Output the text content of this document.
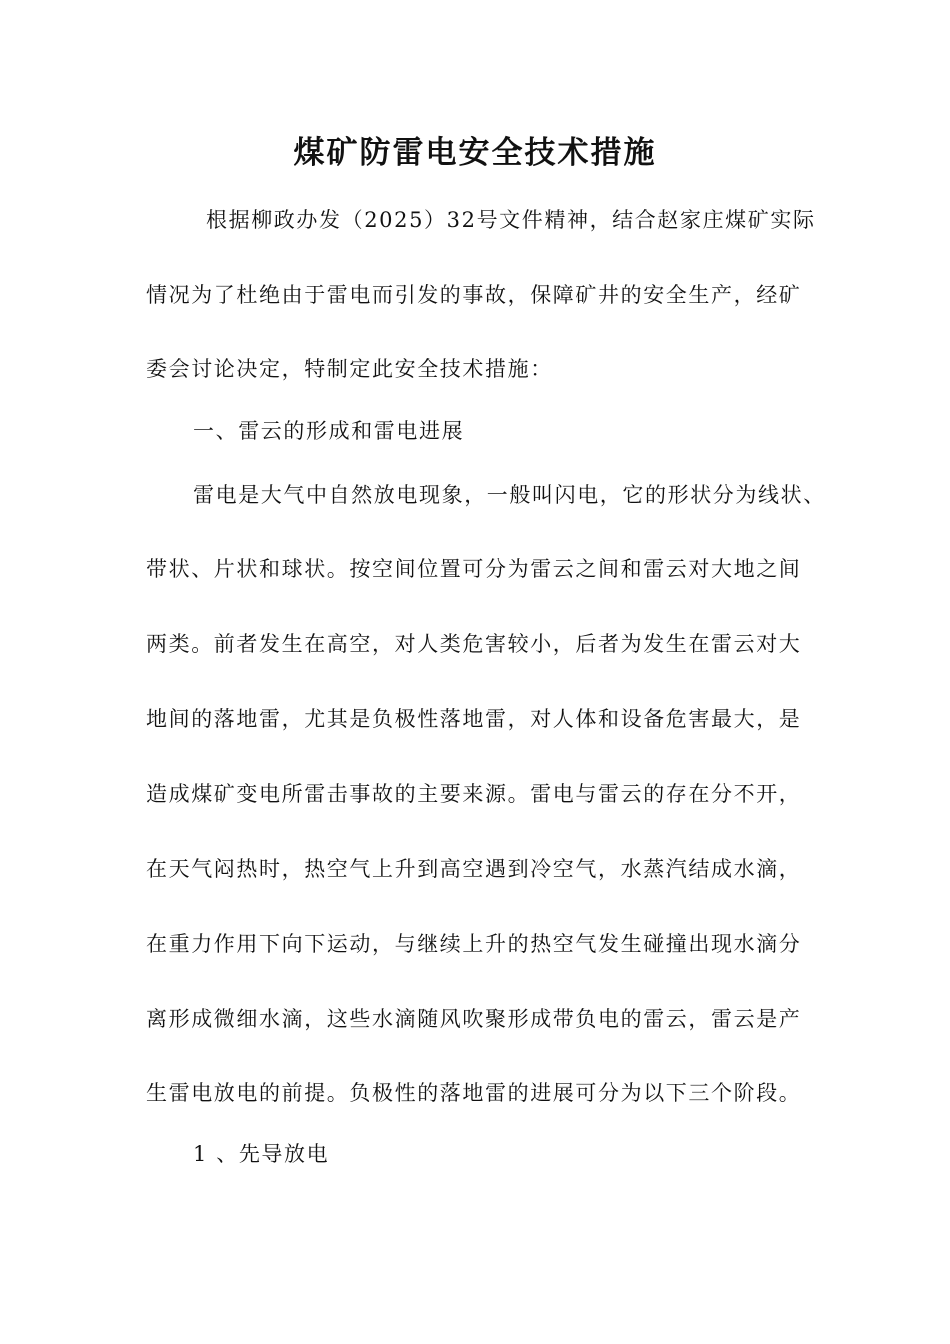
煤矿防雷电安全技术措施
根据柳政办发（2025）32号文件精神，结合赵家庄煤矿实际
情况为了杜绝由于雷电而引发的事故，保障矿井的安全生产，经矿
委会讨论决定，特制定此安全技术措施：
一、雷云的形成和雷电进展
雷电是大气中自然放电现象，一般叫闪电，它的形状分为线状、
带状、片状和球状。按空间位置可分为雷云之间和雷云对大地之间
两类。前者发生在高空，对人类危害较小，后者为发生在雷云对大
地间的落地雷，尤其是负极性落地雷，对人体和设备危害最大，是
造成煤矿变电所雷击事故的主要来源。雷电与雷云的存在分不开，
在天气闷热时，热空气上升到高空遇到冷空气，水蒸汽结成水滴，
在重力作用下向下运动，与继续上升的热空气发生碰撞出现水滴分
离形成微细水滴，这些水滴随风吹聚形成带负电的雷云，雷云是产
生雷电放电的前提。负极性的落地雷的进展可分为以下三个阶段。
1 、先导放电
